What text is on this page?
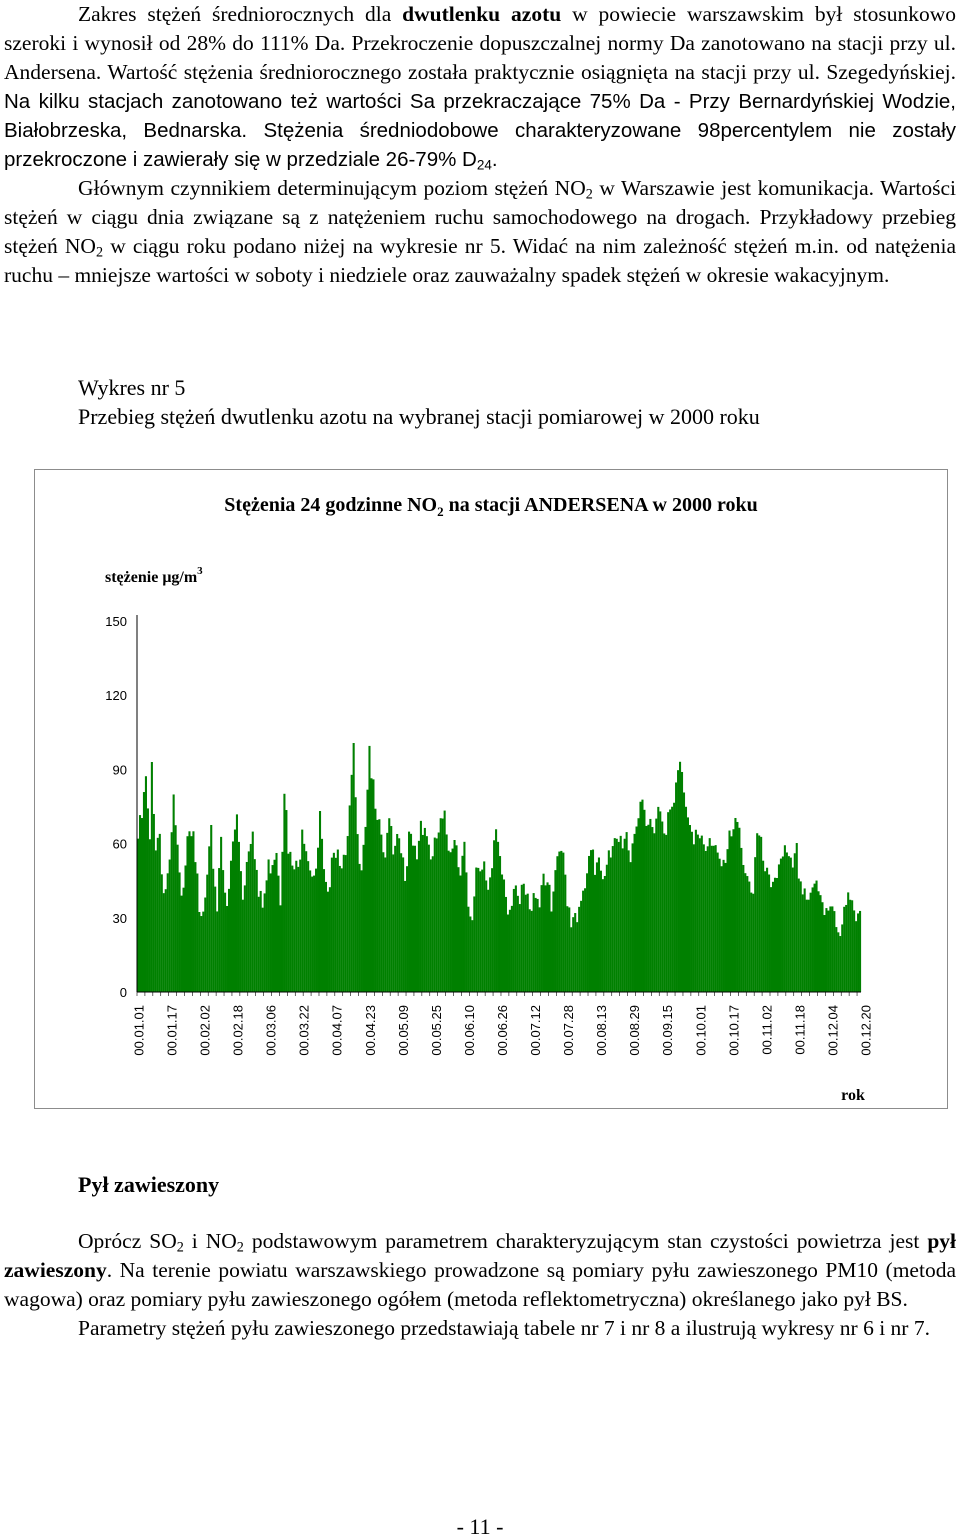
Zakres stężeń średniorocznych dla dwutlenku azotu w powiecie warszawskim był stosunkowo szeroki i wynosił od 28% do 111% Da. Przekroczenie dopuszczalnej normy Da zanotowano na stacji przy ul. Andersena. Wartość stężenia średniorocznego została praktycznie osiągnięta na stacji przy ul. Szegedyńskiej. Na kilku stacjach zanotowano też wartości Sa przekraczające 75% Da - Przy Bernardyńskiej Wodzie, Białobrzeska, Bednarska. Stężenia średniodobowe charakteryzowane 98percentylem nie zostały przekroczone i zawierały się w przedziale 26-79% $D_{24}$.

Głównym czynnikiem determinującym poziom stężeń $NO_2$ w Warszawie jest komunikacja. Wartości stężeń w ciągu dnia związane są z natężeniem ruchu samochodowego na drogach. Przykładowy przebieg stężeń $NO_2$ w ciągu roku podano niżej na wykresie nr 5. Widać na nim zależność stężeń m.in. od natężenia ruchu – mniejsze wartości w soboty i niedziele oraz zauważalny spadek stężeń w okresie wakacyjnym.

Wykres nr 5
Przebieg stężeń dwutlenku azotu na wybranej stacji pomiarowej w 2000 roku
Stężenia 24 godzinne $NO_2$ na stacji ANDERSENA w 2000 roku
stężenie $\mu g/m^3$
0
30
60
90
120
150
00.01.01 00.01.17 00.02.02 00.02.18 00.03.06 00.03.22 00.04.07 00.04.23 00.05.09 00.05.25 00.06.10 00.06.26 00.07.12 00.07.28 00.08.13 00.08.29 00.09.15 00.10.01 00.10.17 00.11.02 00.11.18 00.12.04 00.12.20
rok
Pył zawieszony

Oprócz $SO_2$ i $NO_2$ podstawowym parametrem charakteryzującym stan czystości powietrza jest pył zawieszony. Na terenie powiatu warszawskiego prowadzone są pomiary pyłu zawieszonego PM10 (metoda wagowa) oraz pomiary pyłu zawieszonego ogółem (metoda reflektometryczna) określanego jako pył BS.

Parametry stężeń pyłu zawieszonego przedstawiają tabele nr 7 i nr 8 a ilustrują wykresy nr 6 i nr 7.

- 11 -
